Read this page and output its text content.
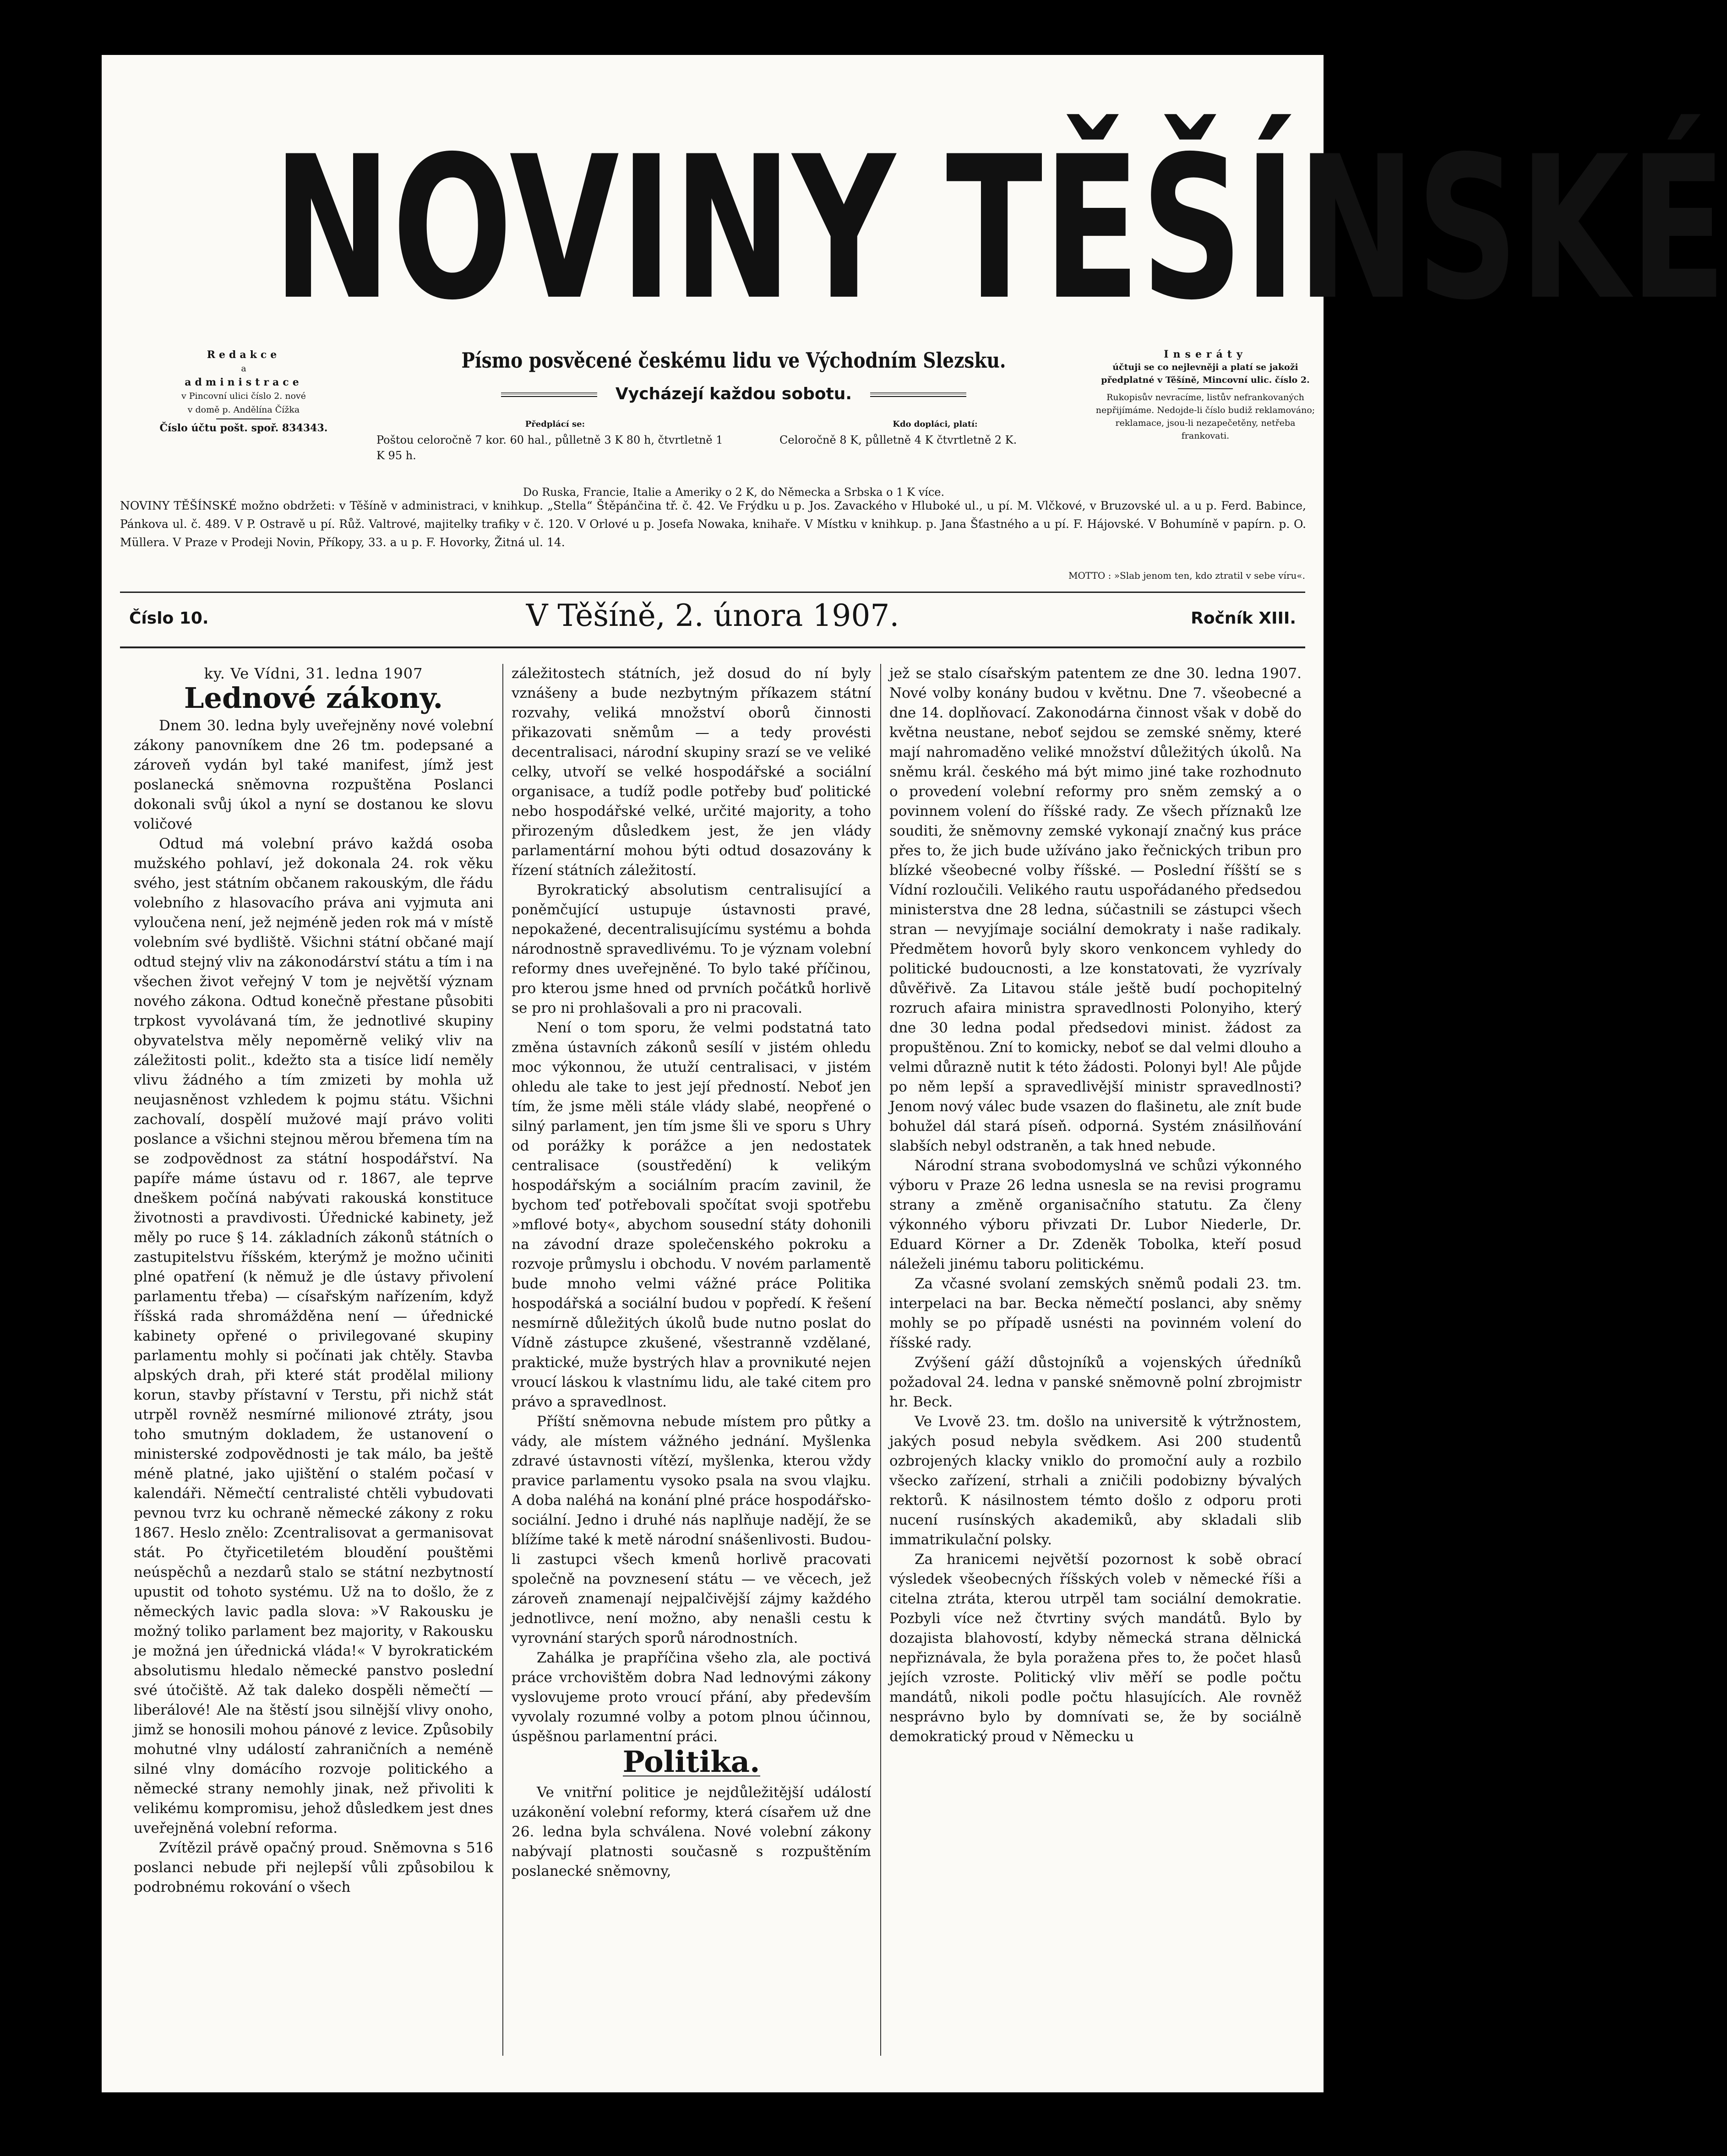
NOVINY TĚŠÍNSKÉ
Redakce
a
administrace
v Pincovní ulici číslo 2. nové
v domě p. Andělína Čížka
Číslo účtu pošt. spoř. 834343.
Písmo posvěcené českému lidu ve Východním Slezsku.
Vycházejí každou sobotu.
Inseráty
účtuji se co nejlevněji a platí se jakoži předplatné v Těšíně, Mincovní ulic. číslo 2.
Rukopisův nevracíme, listův nefrankovaných nepřijímáme. Nedojde-li číslo budiž reklamováno; reklamace, jsou-li nezapečetěny, netřeba frankovati.
Předplácí se:
Poštou celoročně 7 kor. 60 hal., půlletně 3 K 80 h, čtvrtletně 1 K 95 h.
Kdo dopláci, platí:
Celoročně 8 K, půlletně 4 K čtvrtletně 2 K.
Do Ruska, Francie, Italie a Ameriky o 2 K, do Německa a Srbska o 1 K více.
NOVINY TĚŠÍNSKÉ možno obdržeti: v Těšíně v administraci, v knihkup. „Stella“ Štěpánčina tř. č. 42. Ve Frýdku u p. Jos. Zavackého v Hluboké ul., u pí. M. Vlčkové, v Bruzovské ul. a u p. Ferd. Babince, Pánkova ul. č. 489. V P. Ostravě u pí. Růž. Valtrové, majitelky trafiky v č. 120. V Orlové u p. Josefa Nowaka, knihaře. V Místku v knihkup. p. Jana Šťastného a u pí. F. Hájovské. V Bohumíně v papírn. p. O. Müllera. V Praze v Prodeji Novin, Příkopy, 33. a u p. F. Hovorky, Žitná ul. 14.
MOTTO : »Slab jenom ten, kdo ztratil v sebe víru«.
Číslo 10.	V Těšíně, 2. února 1907.	Ročník XIII.
ky. Ve Vídni, 31. ledna 1907
Lednové zákony.

Dnem 30. ledna byly uveřejněny nové volební zákony panovníkem dne 26 tm. podepsané a zároveň vydán byl také manifest, jímž jest poslanecká sněmovna rozpuštěna Poslanci dokonali svůj úkol a nyní se dostanou ke slovu voličové

Odtud má volební právo každá osoba mužského pohlaví, jež dokonala 24. rok věku svého, jest státním občanem rakouským, dle řádu volebního z hlasovacího práva ani vyjmuta ani vyloučena není, jež nejméně jeden rok má v místě volebním své bydliště. Všichni státní občané mají odtud stejný vliv na zákonodárství státu a tím i na všechen život veřejný V tom je největší význam nového zákona. Odtud konečně přestane působiti trpkost vyvolávaná tím, že jednotlivé skupiny obyvatelstva měly nepoměrně veliký vliv na záležitosti polit., kdežto sta a tisíce lidí neměly vlivu žádného a tím zmizeti by mohla už neujasněnost vzhledem k pojmu státu. Všichni zachovalí, dospělí mužové mají právo voliti poslance a všichni stejnou měrou břemena tím na se zodpovědnost za státní hospodářství. Na papíře máme ústavu od r. 1867, ale teprve dneškem počíná nabývati rakouská konstituce životnosti a pravdivosti. Úřednické kabinety, jež měly po ruce § 14. základních zákonů státních o zastupitelstvu říšském, kterýmž je možno učiniti plné opatření (k němuž je dle ústavy přivolení parlamentu třeba) — císařským nařízením, když říšská rada shromážděna není — úřednické kabinety opřené o privilegované skupiny parlamentu mohly si počínati jak chtěly. Stavba alpských drah, při které stát prodělal miliony korun, stavby přístavní v Terstu, při nichž stát utrpěl rovněž nesmírné milionové ztráty, jsou toho smutným dokladem, že ustanovení o ministerské zodpovědnosti je tak málo, ba ještě méně platné, jako ujištění o stalém počasí v kalendáři. Němečtí centralisté chtěli vybudovati pevnou tvrz ku ochraně německé zákony z roku 1867. Heslo znělo: Zcentralisovat a germanisovat stát. Po čtyřicetiletém bloudění pouštěmi neúspěchů a nezdarů stalo se státní nezbytností upustit od tohoto systému. Už na to došlo, že z německých lavic padla slova: »V Rakousku je možný toliko parlament bez majority, v Rakousku je možná jen úřednická vláda!« V byrokratickém absolutismu hledalo německé panstvo poslední své útočiště. Až tak daleko dospěli němečtí — liberálové! Ale na štěstí jsou silnější vlivy onoho, jimž se honosili mohou pánové z levice. Způsobily mohutné vlny událostí zahraničních a neméně silné vlny domácího rozvoje politického a německé strany nemohly jinak, než přivoliti k velikému kompromisu, jehož důsledkem jest dnes uveřejněná volební reforma.

Zvítězil právě opačný proud. Sněmovna s 516 poslanci nebude při nejlepší vůli způsobilou k podrobnému rokování o všech

záležitostech státních, jež dosud do ní byly vznášeny a bude nezbytným příkazem státní rozvahy, veliká množství oborů činnosti přikazovati sněmům — a tedy provésti decentralisaci, národní skupiny srazí se ve veliké celky, utvoří se velké hospodářské a sociální organisace, a tudíž podle potřeby buď politické nebo hospodářské velké, určité majority, a toho přirozeným důsledkem jest, že jen vlády parlamentární mohou býti odtud dosazovány k řízení státních záležitostí.

Byrokratický absolutism centralisující a poněmčující ustupuje ústavnosti pravé, nepokažené, decentralisujícímu systému a bohda národnostně spravedlivému. To je význam volební reformy dnes uveřejněné. To bylo také příčinou, pro kterou jsme hned od prvních počátků horlivě se pro ni prohlašovali a pro ni pracovali.

Není o tom sporu, že velmi podstatná tato změna ústavních zákonů sesílí v jistém ohledu moc výkonnou, že utuží centralisaci, v jistém ohledu ale take to jest její předností. Neboť jen tím, že jsme měli stále vlády slabé, neopřené o silný parlament, jen tím jsme šli ve sporu s Uhry od porážky k porážce a jen nedostatek centralisace (soustředění) k velikým hospodářským a sociálním pracím zavinil, že bychom teď potřebovali spočítat svoji spotřebu »mflové boty«, abychom sousední státy dohonili na závodní draze společenského pokroku a rozvoje průmyslu i obchodu. V novém parlamentě bude mnoho velmi vážné práce Politika hospodářská a sociální budou v popředí. K řešení nesmírně důležitých úkolů bude nutno poslat do Vídně zástupce zkušené, všestranně vzdělané, praktické, muže bystrých hlav a provnikuté nejen vroucí láskou k vlastnímu lidu, ale také citem pro právo a spravedlnost.

Příští sněmovna nebude místem pro půtky a vády, ale místem vážného jednání. Myšlenka zdravé ústavnosti vítězí, myšlenka, kterou vždy pravice parlamentu vysoko psala na svou vlajku. A doba naléhá na konání plné práce hospodářsko-sociální. Jedno i druhé nás naplňuje nadějí, že se blížíme také k metě národní snášenlivosti. Budou-li zastupci všech kmenů horlivě pracovati společně na povznesení státu — ve věcech, jež zároveň znamenají nejpalčivější zájmy každého jednotlivce, není možno, aby nenašli cestu k vyrovnání starých sporů národnostních.

Zahálka je prapříčina všeho zla, ale poctivá práce vrchovištěm dobra Nad lednovými zákony vyslovujeme proto vroucí přání, aby především vyvolaly rozumné volby a potom plnou účinnou, úspěšnou parlamentní práci.

Politika.

Ve vnitřní politice je nejdůležitější událostí uzákonění volební reformy, která císařem už dne 26. ledna byla schválena. Nové volební zákony nabývají platnosti současně s rozpuštěním poslanecké sněmovny,

jež se stalo císařským patentem ze dne 30. ledna 1907. Nové volby konány budou v květnu. Dne 7. všeobecné a dne 14. doplňovací. Zakonodárna činnost však v době do května neustane, neboť sejdou se zemské sněmy, které mají nahromaděno veliké množství důležitých úkolů. Na sněmu král. českého má být mimo jiné take rozhodnuto o provedení volební reformy pro sněm zemský a o povinnem volení do říšské rady. Ze všech příznaků lze souditi, že sněmovny zemské vykonají značný kus práce přes to, že jich bude užíváno jako řečnických tribun pro blízké všeobecné volby říšské. — Poslední říšští se s Vídní rozloučili. Velikého rautu uspořádaného předsedou ministerstva dne 28 ledna, súčastnili se zástupci všech stran — nevyjímaje sociální demokraty i naše radikaly. Předmětem hovorů byly skoro venkoncem vyhledy do politické budoucnosti, a lze konstatovati, že vyzrívaly důvěřivě. Za Litavou stále ještě budí pochopitelný rozruch afaira ministra spravedlnosti Polonyiho, který dne 30 ledna podal předsedovi minist. žádost za propuštěnou. Zní to komicky, neboť se dal velmi dlouho a velmi důrazně nutit k této žádosti. Polonyi byl! Ale půjde po něm lepší a spravedlivější ministr spravedlnosti? Jenom nový válec bude vsazen do flašinetu, ale znít bude bohužel dál stará píseň. odporná. Systém znásilňování slabších nebyl odstraněn, a tak hned nebude.

Národní strana svobodomyslná ve schůzi výkonného výboru v Praze 26 ledna usnesla se na revisi programu strany a změně organisačního statutu. Za členy výkonného výboru přivzati Dr. Lubor Niederle, Dr. Eduard Körner a Dr. Zdeněk Tobolka, kteří posud náleželi jinému taboru politickému.

Za včasné svolaní zemských sněmů podali 23. tm. interpelaci na bar. Becka němečtí poslanci, aby sněmy mohly se po případě usnésti na povinném volení do říšské rady.

Zvýšení gáží důstojníků a vojenských úředníků požadoval 24. ledna v panské sněmovně polní zbrojmistr hr. Beck.

Ve Lvově 23. tm. došlo na universitě k výtržnostem, jakých posud nebyla svědkem. Asi 200 studentů ozbrojených klacky vniklo do promoční auly a rozbilo všecko zařízení, strhali a zničili podobizny bývalých rektorů. K násilnostem témto došlo z odporu proti nucení rusínských akademiků, aby skladali slib immatrikulační polsky.

Za hranicemi největší pozornost k sobě obrací výsledek všeobecných říšských voleb v německé říši a citelna ztráta, kterou utrpěl tam sociální demokratie. Pozbyli více než čtvrtiny svých mandátů. Bylo by dozajista blahovostí, kdyby německá strana dělnická nepřiznávala, že byla poražena přes to, že počet hlasů jejích vzroste. Politický vliv měří se podle počtu mandátů, nikoli podle počtu hlasujících. Ale rovněž nesprávno bylo by domnívati se, že by sociálně demokratický proud v Německu u
